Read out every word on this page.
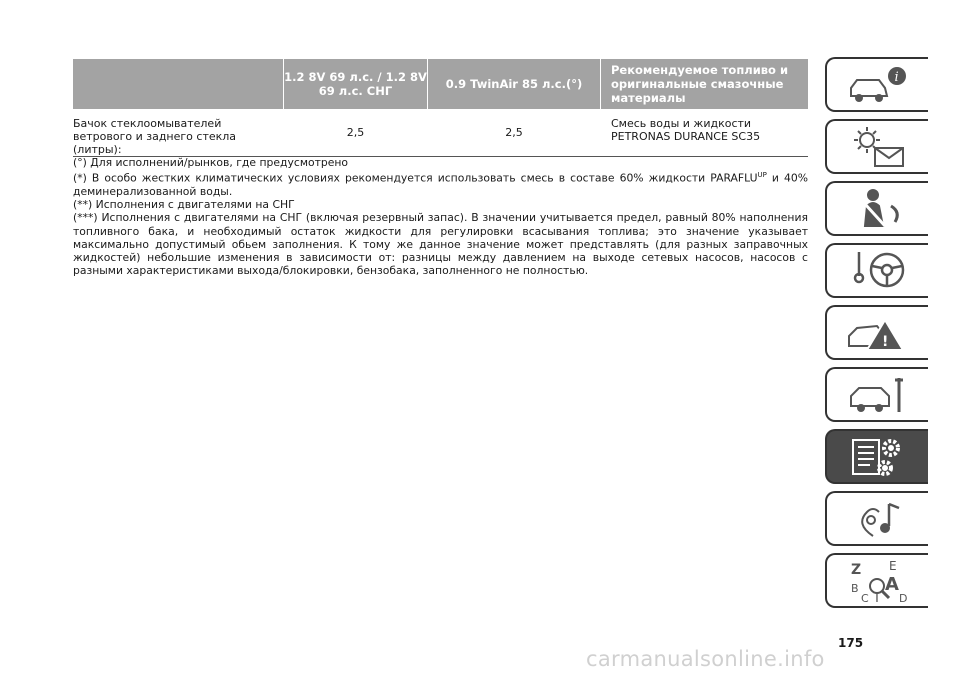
1.2 8V 69 л.с. / 1.2 8V 69 л.с. СНГ	0.9 TwinAir 85 л.с.(°)
Рекомендуемое топливо и оригинальные смазочные материалы
Бачок стеклоомывателей ветрового и заднего стекла (литры):
2,5	2,5
Смесь воды и жидкости PETRONAS DURANCE SC35

(°) Для исполнений/рынков, где предусмотрено

(*) В особо жестких климатических условиях рекомендуется использовать смесь в составе 60% жидкости $PARAFLU^{UP}$ и 40% деминерализованной воды.

(**) Исполнения с двигателями на СНГ

(***) Исполнения с двигателями на СНГ (включая резервный запас). В значении учитывается предел, равный 80% наполнения топливного бака, и необходимый остаток жидкости для регулировки всасывания топлива; это значение указывает максимально допустимый обьем заполнения. К тому же данное значение может представлять (для разных заправочных жидкостей) небольшие изменения в зависимости от: разницы между давлением на выходе сетевых насосов, насосов с разными характеристиками выхода/блокировки, бензобака, заполненного не полностью.

i
!
Z E
B A
C T D
175
carmanualsonline.info
